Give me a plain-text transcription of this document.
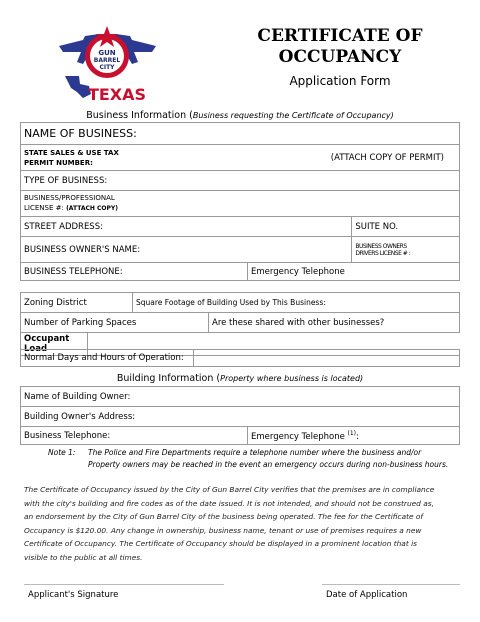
GUN
BARREL
CITY
TEXAS
CERTIFICATE OF
OCCUPANCY
Application Form
Business Information (Business requesting the Certificate of Occupancy)
NAME OF BUSINESS:		

STATE SALES & USE TAX
PERMIT NUMBER: (ATTACH COPY OF PERMIT)		

TYPE OF BUSINESS:		

BUSINESS/PROFESSIONAL
LICENSE #: (ATTACH COPY)		

STREET ADDRESS:		SUITE NO.
BUSINESS OWNER'S NAME:		BUSINESS OWNERS
DRIVERS LICENSE # :

BUSINESS TELEPHONE:	Emergency Telephone	
Zoning District	Square Footage of Building Used by This Business:
Number of Parking Spaces	Are these shared with other businesses?
Occupant Load	
Normal Days and Hours of Operation:	
Building Information (Property where business is located)
Name of Building Owner:
Building Owner's Address:
Business Telephone:	Emergency Telephone $^{(1)}$:
Note 1: The Police and Fire Departments require a telephone number where the business and/or
Property owners may be reached in the event an emergency occurs during non-business hours.
The Certificate of Occupancy issued by the City of Gun Barrel City verifies that the premises are in compliance
with the city's building and fire codes as of the date issued. It is not intended, and should not be construed as,
an endorsement by the City of Gun Barrel City of the business being operated. The fee for the Certificate of
Occupancy is $120.00. Any change in ownership, business name, tenant or use of premises requires a new
Certificate of Occupancy. The Certificate of Occupancy should be displayed in a prominent location that is
visible to the public at all times.
Applicant's Signature	Date of Application
